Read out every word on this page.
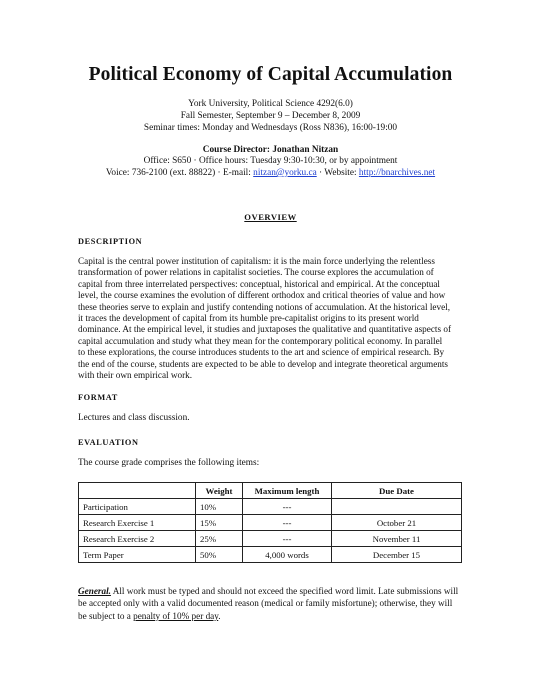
Political Economy of Capital Accumulation
York University, Political Science 4292(6.0)
Fall Semester, September 9 – December 8, 2009
Seminar times: Monday and Wednesdays (Ross N836), 16:00-19:00
Course Director: Jonathan Nitzan
Office: S650 · Office hours: Tuesday 9:30-10:30, or by appointment
Voice: 736-2100 (ext. 88822) · E-mail: nitzan@yorku.ca · Website: http://bnarchives.net
OVERVIEW
DESCRIPTION
Capital is the central power institution of capitalism: it is the main force underlying the relentless
transformation of power relations in capitalist societies. The course explores the accumulation of
capital from three interrelated perspectives: conceptual, historical and empirical. At the conceptual
level, the course examines the evolution of different orthodox and critical theories of value and how
these theories serve to explain and justify contending notions of accumulation. At the historical level,
it traces the development of capital from its humble pre-capitalist origins to its present world
dominance. At the empirical level, it studies and juxtaposes the qualitative and quantitative aspects of
capital accumulation and study what they mean for the contemporary political economy. In parallel
to these explorations, the course introduces students to the art and science of empirical research. By
the end of the course, students are expected to be able to develop and integrate theoretical arguments
with their own empirical work.
FORMAT
Lectures and class discussion.
EVALUATION
The course grade comprises the following items:
	Weight	Maximum length	Due Date
Participation	10%	---	
Research Exercise 1	15%	---	October 21
Research Exercise 2	25%	---	November 11
Term Paper	50%	4,000 words	December 15
General. All work must be typed and should not exceed the specified word limit. Late submissions will
be accepted only with a valid documented reason (medical or family misfortune); otherwise, they will
be subject to a penalty of 10% per day.
